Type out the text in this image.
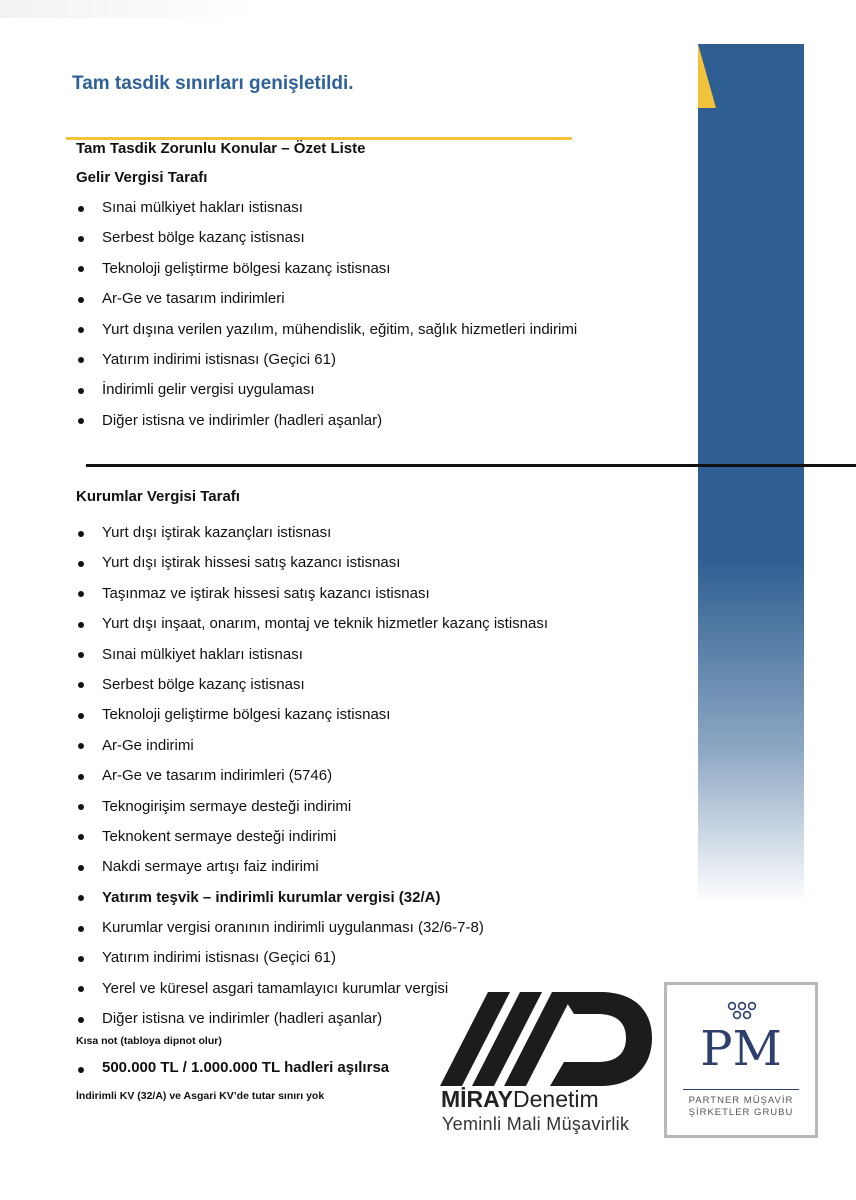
Tam tasdik sınırları genişletildi.

Tam Tasdik Zorunlu Konular – Özet Liste

Gelir Vergisi Tarafı

Sınai mülkiyet hakları istisnası
Serbest bölge kazanç istisnası
Teknoloji geliştirme bölgesi kazanç istisnası
Ar-Ge ve tasarım indirimleri
Yurt dışına verilen yazılım, mühendislik, eğitim, sağlık hizmetleri indirimi
Yatırım indirimi istisnası (Geçici 61)
İndirimli gelir vergisi uygulaması
Diğer istisna ve indirimler (hadleri aşanlar)

Kurumlar Vergisi Tarafı

Yurt dışı iştirak kazançları istisnası
Yurt dışı iştirak hissesi satış kazancı istisnası
Taşınmaz ve iştirak hissesi satış kazancı istisnası
Yurt dışı inşaat, onarım, montaj ve teknik hizmetler kazanç istisnası
Sınai mülkiyet hakları istisnası
Serbest bölge kazanç istisnası
Teknoloji geliştirme bölgesi kazanç istisnası
Ar-Ge indirimi
Ar-Ge ve tasarım indirimleri (5746)
Teknogirişim sermaye desteği indirimi
Teknokent sermaye desteği indirimi
Nakdi sermaye artışı faiz indirimi
Yatırım teşvik – indirimli kurumlar vergisi (32/A)
Kurumlar vergisi oranının indirimli uygulanması (32/6-7-8)
Yatırım indirimi istisnası (Geçici 61)
Yerel ve küresel asgari tamamlayıcı kurumlar vergisi
Diğer istisna ve indirimler (hadleri aşanlar)
Kısa not (tabloya dipnot olur)
500.000 TL / 1.000.000 TL hadleri aşılırsa
İndirimli KV (32/A) ve Asgari KV’de tutar sınırı yok	MİRAYDenetim
Yeminli Mali Müşavirlik
PM
PARTNER MÜŞAVİR
ŞİRKETLER GRUBU
